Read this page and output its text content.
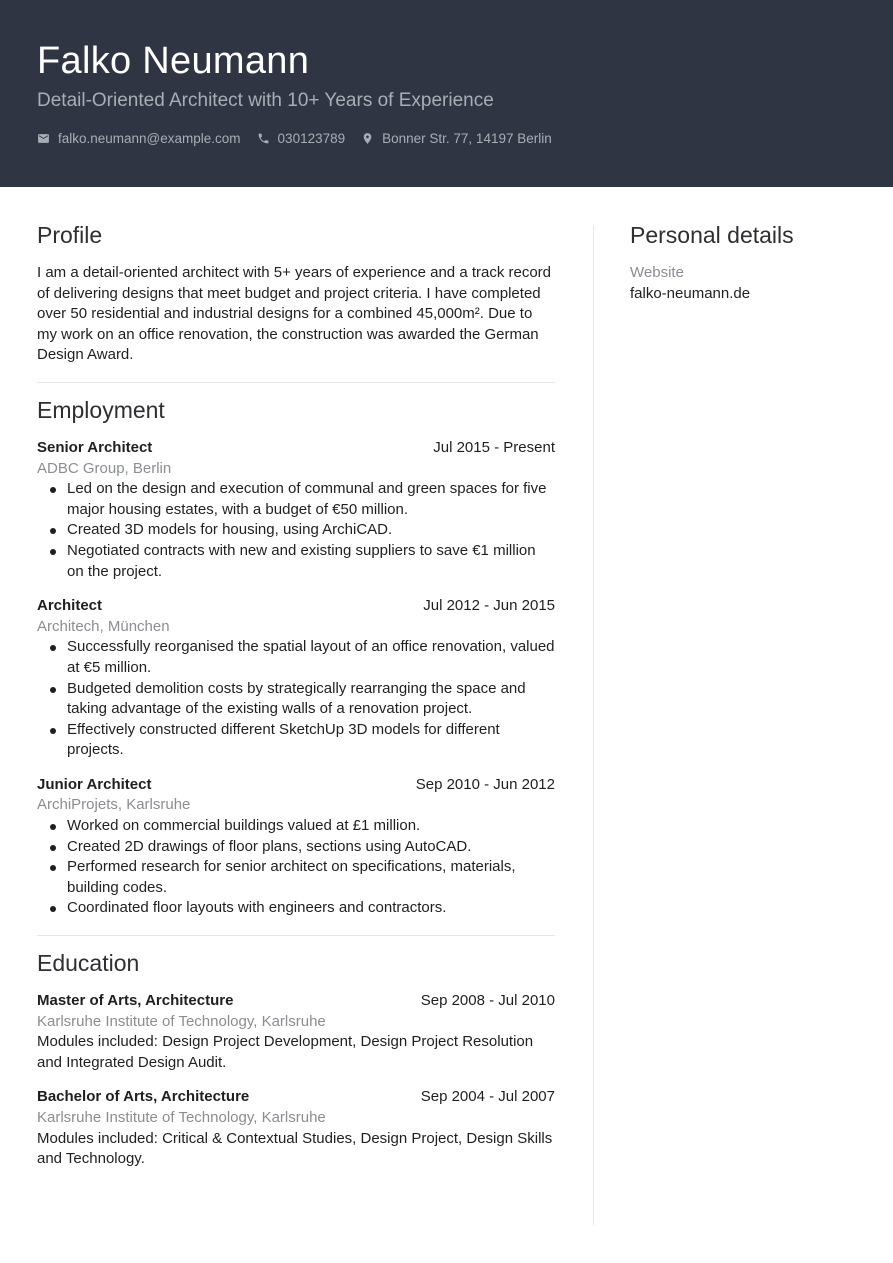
Falko Neumann
Detail-Oriented Architect with 10+ Years of Experience
falko.neumann@example.com	030123789	Bonner Str. 77, 14197 Berlin
Profile

I am a detail-oriented architect with 5+ years of experience and a track record of delivering designs that meet budget and project criteria. I have completed over 50 residential and industrial designs for a combined 45,000m². Due to my work on an office renovation, the construction was awarded the German Design Award.

Employment
Senior Architect	Jul 2015 - Present
ADBC Group, Berlin
Led on the design and execution of communal and green spaces for five major housing estates, with a budget of €50 million.
Created 3D models for housing, using ArchiCAD.
Negotiated contracts with new and existing suppliers to save €1 million on the project.
Architect	Jul 2012 - Jun 2015
Architech, München
Successfully reorganised the spatial layout of an office renovation, valued at €5 million.
Budgeted demolition costs by strategically rearranging the space and taking advantage of the existing walls of a renovation project.
Effectively constructed different SketchUp 3D models for different projects.
Junior Architect	Sep 2010 - Jun 2012
ArchiProjets, Karlsruhe
Worked on commercial buildings valued at £1 million.
Created 2D drawings of floor plans, sections using AutoCAD.
Performed research for senior architect on specifications, materials, building codes.
Coordinated floor layouts with engineers and contractors.
Education
Master of Arts, Architecture	Sep 2008 - Jul 2010
Karlsruhe Institute of Technology, Karlsruhe
Modules included: Design Project Development, Design Project Resolution and Integrated Design Audit.
Bachelor of Arts, Architecture	Sep 2004 - Jul 2007
Karlsruhe Institute of Technology, Karlsruhe
Modules included: Critical & Contextual Studies, Design Project, Design Skills
and Technology.
Personal details
Website
falko-neumann.de
